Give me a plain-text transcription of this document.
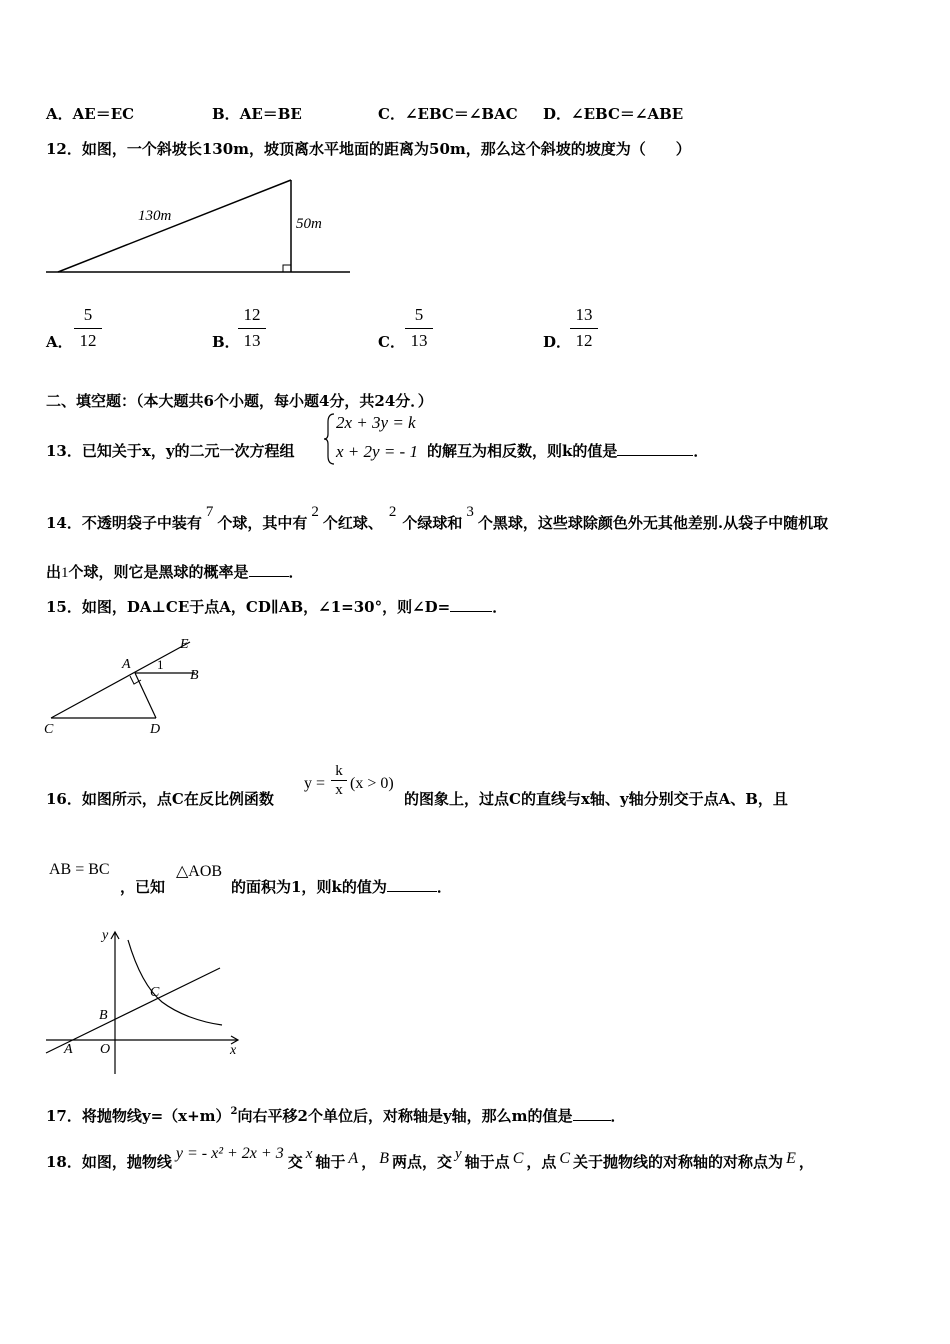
A．AE＝EC	B．AE＝BE	C．∠EBC＝∠BAC D．∠EBC＝∠ABE
12．如图，一个斜坡长130m，坡顶离水平地面的距离为50m，那么这个斜坡的坡度为（　　）
130m	50m
A．
5
12	B．
12
13	C．
5
13	D．
13
12
二、填空题：（本大题共6个小题，每小题4分，共24分．）
13．已知关于x，y的二元一次方程组
2x + 3y = k
x + 2y = - 1 的解互为相反数，则k的值是	．
14．不透明袋子中装有7个球，其中有2个红球、2个绿球和3个黑球，这些球除颜色外无其他差别.从袋子中随机取
出1个球，则它是黑球的概率是	．
15．如图，DA⊥CE于点A，CD∥AB，∠1=30°，则∠D=	．
E
A 1
B
C	D
16．如图所示，点C在反比例函数
y =
k
x (x > 0)
的图象上，过点C的直线与x轴、y轴分别交于点A、B，且
AB = BC
，已知
△AOB
的面积为1，则k的值为	．
y
x
C
B
A O
17．将抛物线$y=(x+m)^2$向右平移2个单位后，对称轴是y轴，那么m的值是	．
18．如图，抛物线 y = - x² + 2x + 3 交 x 轴于 A ， B 两点，交 y 轴于点 C ，点 C 关于抛物线的对称轴的对称点为 E ，
